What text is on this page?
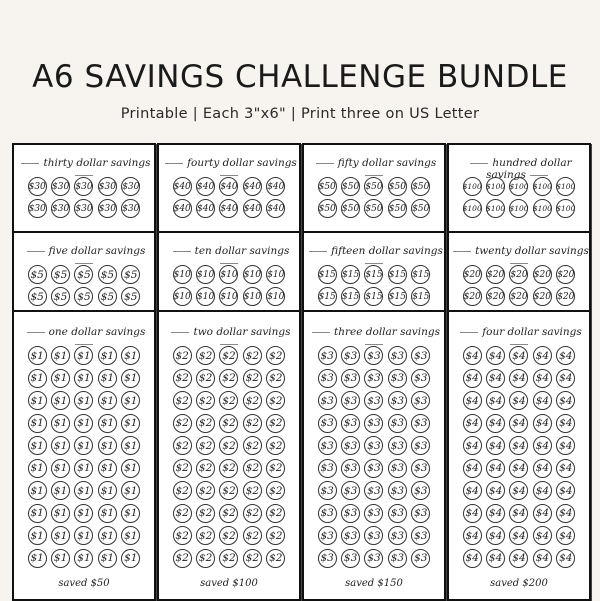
A6 SAVINGS CHALLENGE BUNDLE
Printable | Each 3"x6" | Print three on US Letter
thirty dollar savings
$30 $30 $30 $30 $30
$30 $30 $30 $30 $30
fourty dollar savings
$40 $40 $40 $40 $40
$40 $40 $40 $40 $40
fifty dollar savings
$50 $50 $50 $50 $50
$50 $50 $50 $50 $50
hundred dollar savings
$100 $100 $100 $100 $100
$100 $100 $100 $100 $100
five dollar savings
$5 $5 $5 $5 $5
$5 $5 $5 $5 $5
ten dollar savings
$10 $10 $10 $10 $10
$10 $10 $10 $10 $10
fifteen dollar savings
$15 $15 $15 $15 $15
$15 $15 $15 $15 $15
twenty dollar savings
$20 $20 $20 $20 $20
$20 $20 $20 $20 $20
one dollar savings
$1 $1 $1 $1 $1
$1 $1 $1 $1 $1
$1 $1 $1 $1 $1
$1 $1 $1 $1 $1
$1 $1 $1 $1 $1
$1 $1 $1 $1 $1
$1 $1 $1 $1 $1
$1 $1 $1 $1 $1
$1 $1 $1 $1 $1
$1 $1 $1 $1 $1
saved $50
two dollar savings
$2 $2 $2 $2 $2
$2 $2 $2 $2 $2
$2 $2 $2 $2 $2
$2 $2 $2 $2 $2
$2 $2 $2 $2 $2
$2 $2 $2 $2 $2
$2 $2 $2 $2 $2
$2 $2 $2 $2 $2
$2 $2 $2 $2 $2
$2 $2 $2 $2 $2
saved $100
three dollar savings
$3 $3 $3 $3 $3
$3 $3 $3 $3 $3
$3 $3 $3 $3 $3
$3 $3 $3 $3 $3
$3 $3 $3 $3 $3
$3 $3 $3 $3 $3
$3 $3 $3 $3 $3
$3 $3 $3 $3 $3
$3 $3 $3 $3 $3
$3 $3 $3 $3 $3
saved $150
four dollar savings
$4 $4 $4 $4 $4
$4 $4 $4 $4 $4
$4 $4 $4 $4 $4
$4 $4 $4 $4 $4
$4 $4 $4 $4 $4
$4 $4 $4 $4 $4
$4 $4 $4 $4 $4
$4 $4 $4 $4 $4
$4 $4 $4 $4 $4
$4 $4 $4 $4 $4
saved $200
